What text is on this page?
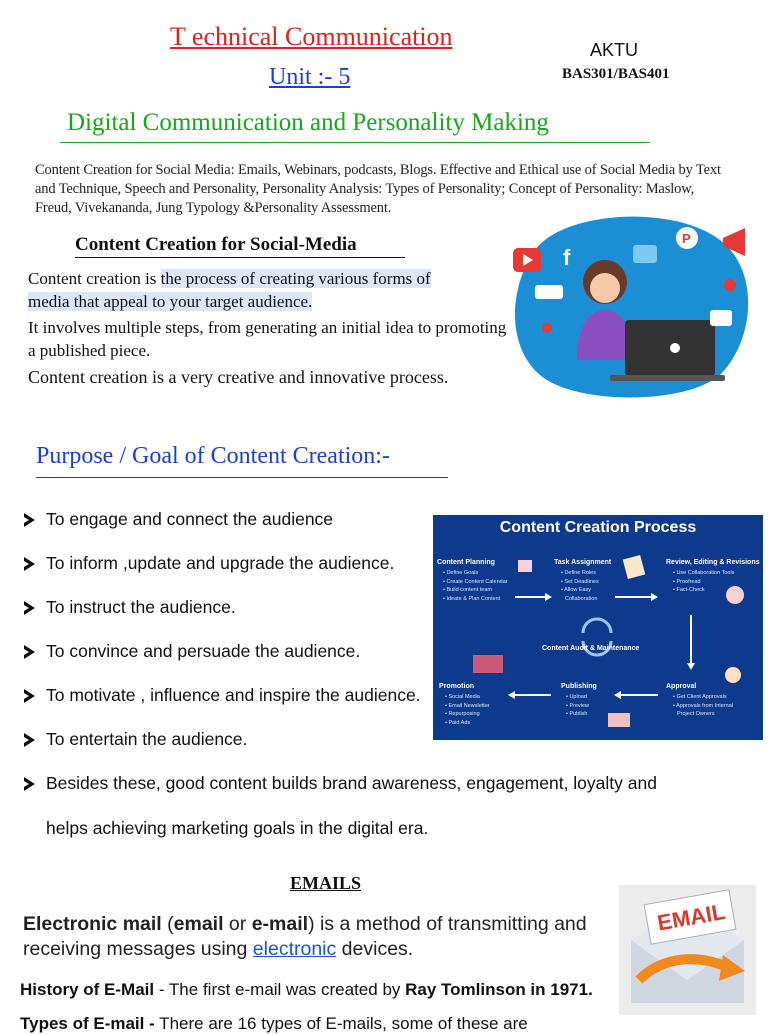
T echnical Communication	AKTU
BAS301/BAS401
Unit :- 5
Digital Communication and Personality Making
Content Creation for Social Media: Emails, Webinars, podcasts, Blogs. Effective and Ethical use of Social Media by Text and Technique, Speech and Personality, Personality Analysis: Types of Personality; Concept of Personality: Maslow, Freud, Vivekananda, Jung Typology &Personality Assessment.
Content Creation for Social-Media
Content creation is the process of creating various forms of media that appeal to your target audience.
It involves multiple steps, from generating an initial idea to promoting a published piece.
Content creation is a very creative and innovative process.
f
P
Purpose / Goal of Content Creation:-
To engage and connect the audience
To inform ,update and upgrade the audience.
To instruct the audience.
To convince and persuade the audience.
To motivate , influence and inspire the audience.
To entertain the audience.
Besides these, good content builds brand awareness, engagement, loyalty and
helps achieving marketing goals in the digital era.
Content Creation Process
Content Planning
• Define Goals
• Create Content Calendar
• Build content team
• Ideate & Plan Content
Task Assignment
• Define Roles
• Set Deadlines
• Allow Easy
Collaboration
Review, Editing & Revisions
• Use Collaboration Tools
• Proofread
• Fact-Check
Content Audit & Maintenance
Promotion
• Social Media
• Email Newsletter
• Repurposing
• Paid Ads
Publishing
• Upload
• Preview
• Publish
Approval
• Get Client Approvals
• Approvals from Internal
Project Owners
EMAILS
Electronic mail (email or e-mail) is a method of transmitting and receiving messages using electronic devices.
History of E-Mail - The first e-mail was created by Ray Tomlinson in 1971.
Types of E-mail - There are 16 types of E-mails, some of these are
EMAIL
